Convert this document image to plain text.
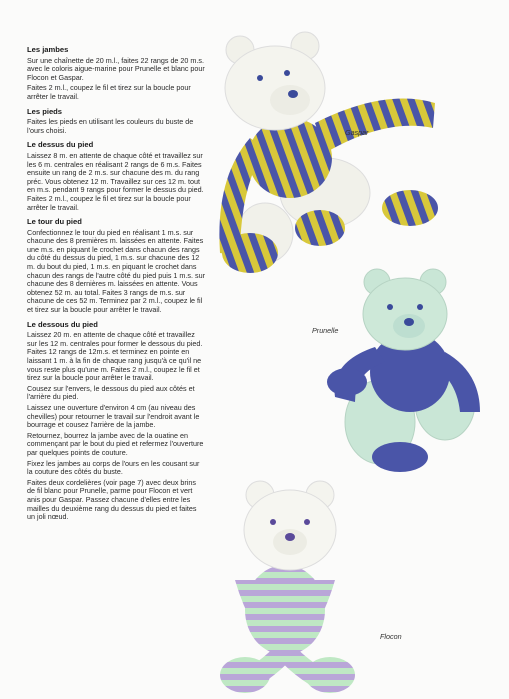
Les jambes

Sur une chaînette de 20 m.l., faites 22 rangs de 20 m.s. avec le coloris aigue-marine pour Prunelle et blanc pour Flocon et Gaspar.

Faites 2 m.l., coupez le fil et tirez sur la boucle pour arrêter le travail.

Les pieds

Faites les pieds en utilisant les couleurs du buste de l'ours choisi.

Le dessus du pied

Laissez 8 m. en attente de chaque côté et travaillez sur les 6 m. centrales en réalisant 2 rangs de 6 m.s. Faites ensuite un rang de 2 m.s. sur chacune des m. du rang préc. Vous obtenez 12 m. Travaillez sur ces 12 m. tout en m.s. pendant 9 rangs pour former le dessus du pied. Faites 2 m.l., coupez le fil et tirez sur la boucle pour arrêter le travail.

Le tour du pied

Confectionnez le tour du pied en réalisant 1 m.s. sur chacune des 8 premières m. laissées en attente. Faites une m.s. en piquant le crochet dans chacun des rangs du côté du dessus du pied, 1 m.s. sur chacune des 12 m. du bout du pied, 1 m.s. en piquant le crochet dans chacun des rangs de l'autre côté du pied puis 1 m.s. sur chacune des 8 dernières m. laissées en attente. Vous obtenez 52 m. au total. Faites 3 rangs de m.s. sur chacune de ces 52 m. Terminez par 2 m.l., coupez le fil et tirez sur la boucle pour arrêter le travail.

Le dessous du pied

Laissez 20 m. en attente de chaque côté et travaillez sur les 12 m. centrales pour former le dessous du pied. Faites 12 rangs de 12m.s. et terminez en pointe en laissant 1 m. à la fin de chaque rang jusqu'à ce qu'il ne vous reste plus qu'une m. Faites 2 m.l., coupez le fil et tirez sur la boucle pour arrêter le travail.

Cousez sur l'envers, le dessous du pied aux côtés et l'arrière du pied.

Laissez une ouverture d'environ 4 cm (au niveau des chevilles) pour retourner le travail sur l'endroit avant le bourrage et cousez l'arrière de la jambe.

Retournez, bourrez la jambe avec de la ouatine en commençant par le bout du pied et refermez l'ouverture par quelques points de couture.

Fixez les jambes au corps de l'ours en les cousant sur la couture des côtés du buste.

Faites deux cordelières (voir page 7) avec deux brins de fil blanc pour Prunelle, parme pour Flocon et vert anis pour Gaspar. Passez chacune d'elles entre les mailles du deuxième rang du dessus du pied et faites un joli nœud.

Gaspar
Prunelle
Flocon
